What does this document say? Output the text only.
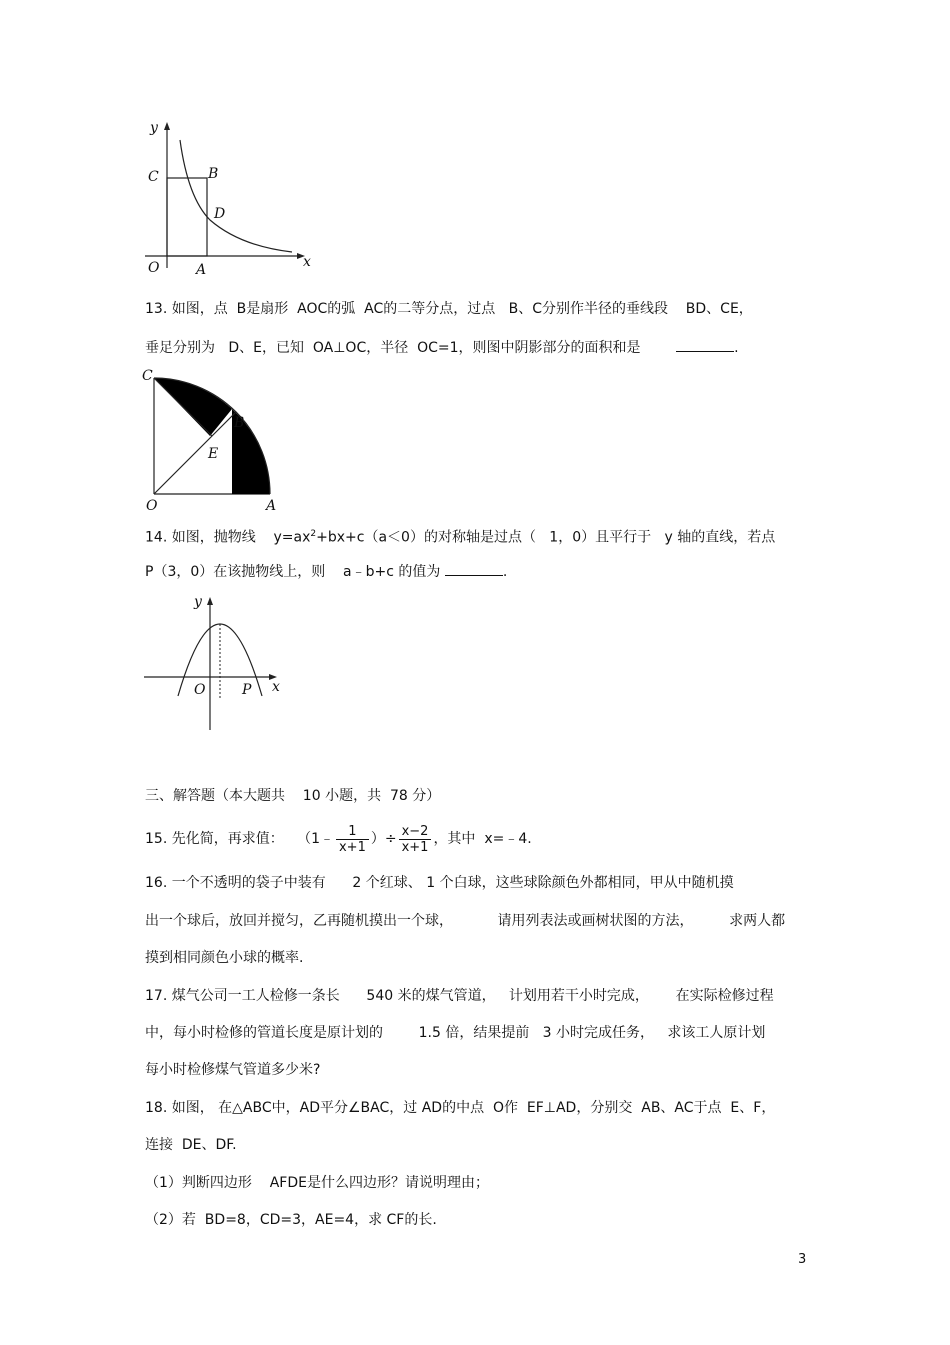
y
x
C	B
D
O	A
13. 如图，点  B是扇形  AOC的弧  AC的二等分点，过点   B、C分别作半径的垂线段    BD、CE，
垂足分别为   D、E，已知  OA⊥OC，半径  OC=1，则图中阴影部分的面积和是	.
C
B
E
O	A
14. 如图，抛物线    $y=ax^2+bx+c(a<0)$的对称轴是过点（   1，0）且平行于   y 轴的直线，若点
P（3，0）在该抛物线上，则    a﹣b+c 的值为	.
y
x
O	P
三、解答题（本大题共    10 小题，共  78 分）
15. 先化简，再求值：   （1﹣ $\frac{1}{x+1}$ ）÷ $\frac{x-2}{x+1}$ ，其中  x=﹣4.
16. 一个不透明的袋子中装有      2 个红球、 1 个白球，这些球除颜色外都相同，甲从中随机摸
出一个球后，放回并搅匀，乙再随机摸出一个球，          请用列表法或画树状图的方法，        求两人都
摸到相同颜色小球的概率.
17. 煤气公司一工人检修一条长      540 米的煤气管道，   计划用若干小时完成，      在实际检修过程
中，每小时检修的管道长度是原计划的        1.5 倍，结果提前   3 小时完成任务，   求该工人原计划
每小时检修煤气管道多少米?
18. 如图， 在△ABC中，AD平分∠BAC，过 AD的中点  O作  EF⊥AD，分别交  AB、AC于点  E、F，
连接  DE、DF.
（1）判断四边形    AFDE是什么四边形？请说明理由；
（2）若  BD=8，CD=3，AE=4，求 CF的长.
3
